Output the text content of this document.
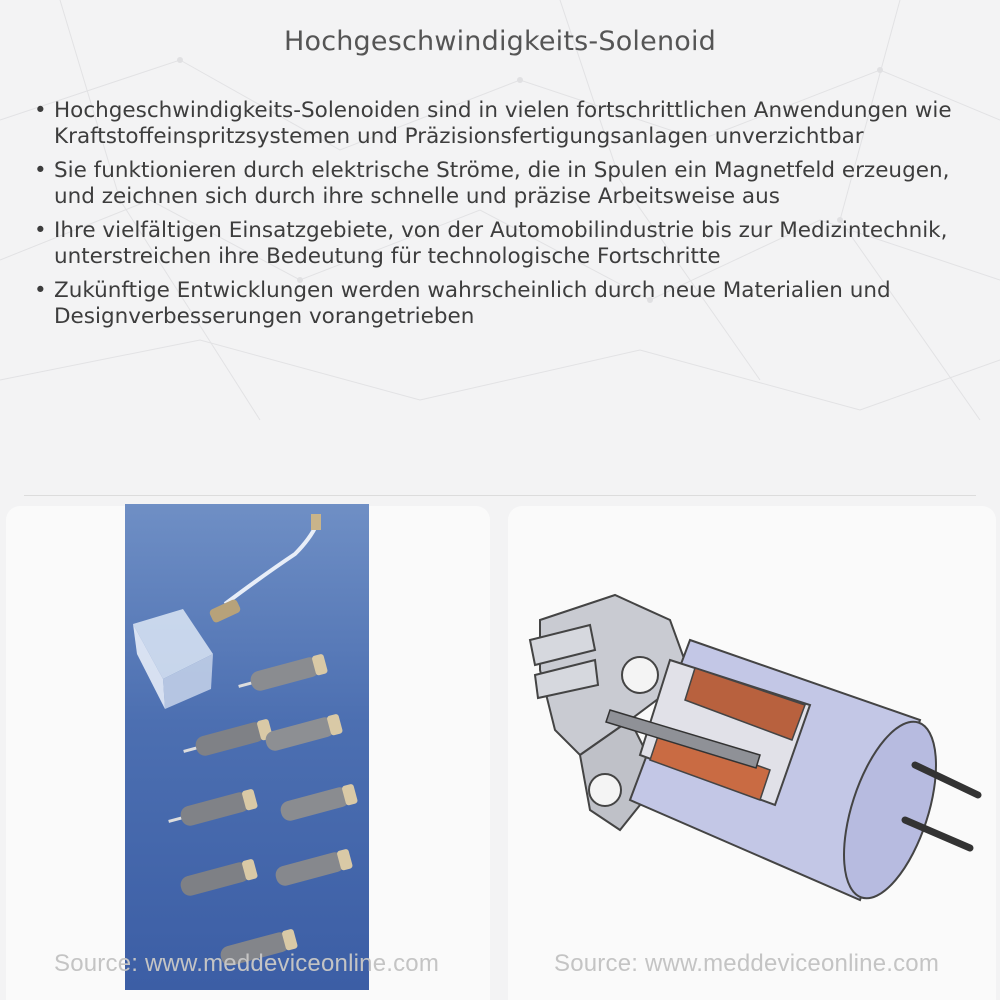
Hochgeschwindigkeits-Solenoid
• Hochgeschwindigkeits-Solenoiden sind in vielen fortschrittlichen Anwendungen wie Kraftstoffeinspritzsystemen und Präzisionsfertigungsanlagen unverzichtbar
• Sie funktionieren durch elektrische Ströme, die in Spulen ein Magnetfeld erzeugen, und zeichnen sich durch ihre schnelle und präzise Arbeitsweise aus
• Ihre vielfältigen Einsatzgebiete, von der Automobilindustrie bis zur Medizintechnik, unterstreichen ihre Bedeutung für technologische Fortschritte
• Zukünftige Entwicklungen werden wahrscheinlich durch neue Materialien und Designverbesserungen vorangetrieben
Source: www.meddeviceonline.com	Source: www.meddeviceonline.com
